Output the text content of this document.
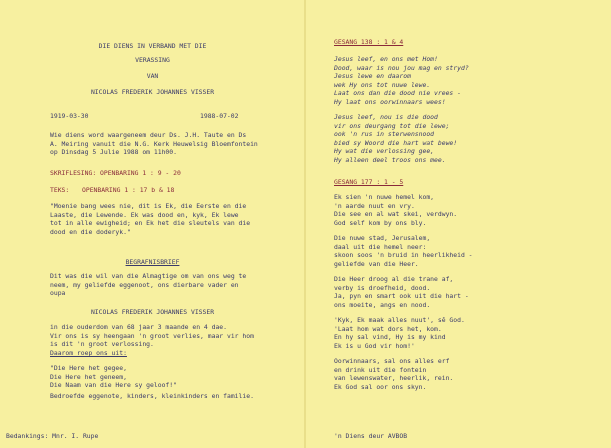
DIE DIENS IN VERBAND MET DIE
VERASSING
VAN
NICOLAS FREDERIK JOHANNES VISSER
1919-03-30	1988-07-02
Wie diens word waargeneem deur Ds. J.H. Taute en Ds
A. Meiring vanuit die N.G. Kerk Heuwelsig Bloemfontein
op Dinsdag 5 Julie 1988 om 11h00.
SKRIFLESING: OPENBARING 1 : 9 - 20
TEKS: OPENBARING 1 : 17 b & 18
"Moenie bang wees nie, dit is Ek, die Eerste en die
Laaste, die Lewende. Ek was dood en, kyk, Ek lewe
tot in alle ewigheid; en Ek het die sleutels van die
dood en die doderyk."
BEGRAFNISBRIEF
Dit was die wil van die Almagtige om van ons weg te
neem, my geliefde eggenoot, ons dierbare vader en
oupa
NICOLAS FREDERIK JOHANNES VISSER
in die ouderdom van 68 jaar 3 maande en 4 dae.
Vir ons is sy heengaan 'n groot verlies, maar vir hom
is dit 'n groot verlossing.
Daarom roep ons uit:
"Die Here het gegee,
Die Here het geneem,
Die Naam van die Here sy geloof!"
Bedroefde eggenote, kinders, kleinkinders en familie.
Bedankings: Mnr. I. Rupe
GESANG 138 : 1 & 4
Jesus leef, en ons met Hom!
Dood, waar is nou jou mag en stryd?
Jesus lewe en daarom
wek Hy ons tot nuwe lewe.
Laat ons dan die dood nie vrees -
Hy laat ons oorwinnaars wees!
Jesus leef, nou is die dood
vir ons deurgang tot die lewe;
ook 'n rus in sterwensnood
bied sy Woord die hart wat bewe!
Hy wat die verlossing gee,
Hy alleen deel troos ons mee.
GESANG 177 : 1 - 5
Ek sien 'n nuwe hemel kom,
'n aarde nuut en vry.
Die see en al wat skei, verdwyn.
God self kom by ons bly.
Die nuwe stad, Jerusalem,
daal uit die hemel neer:
skoon soos 'n bruid in heerlikheid -
geliefde van die Heer.
Die Heer droog al die trane af,
verby is droefheid, dood.
Ja, pyn en smart ook uit die hart -
ons moeite, angs en nood.
'Kyk, Ek maak alles nuut', sê God.
'Laat hom wat dors het, kom.
En hy sal vind, Hy is my kind
Ek is u God vir hom!'
Oorwinnaars, sal ons alles erf
en drink uit die fontein
van lewenswater, heerlik, rein.
Ek God sal oor ons skyn.
'n Diens deur AVBOB
